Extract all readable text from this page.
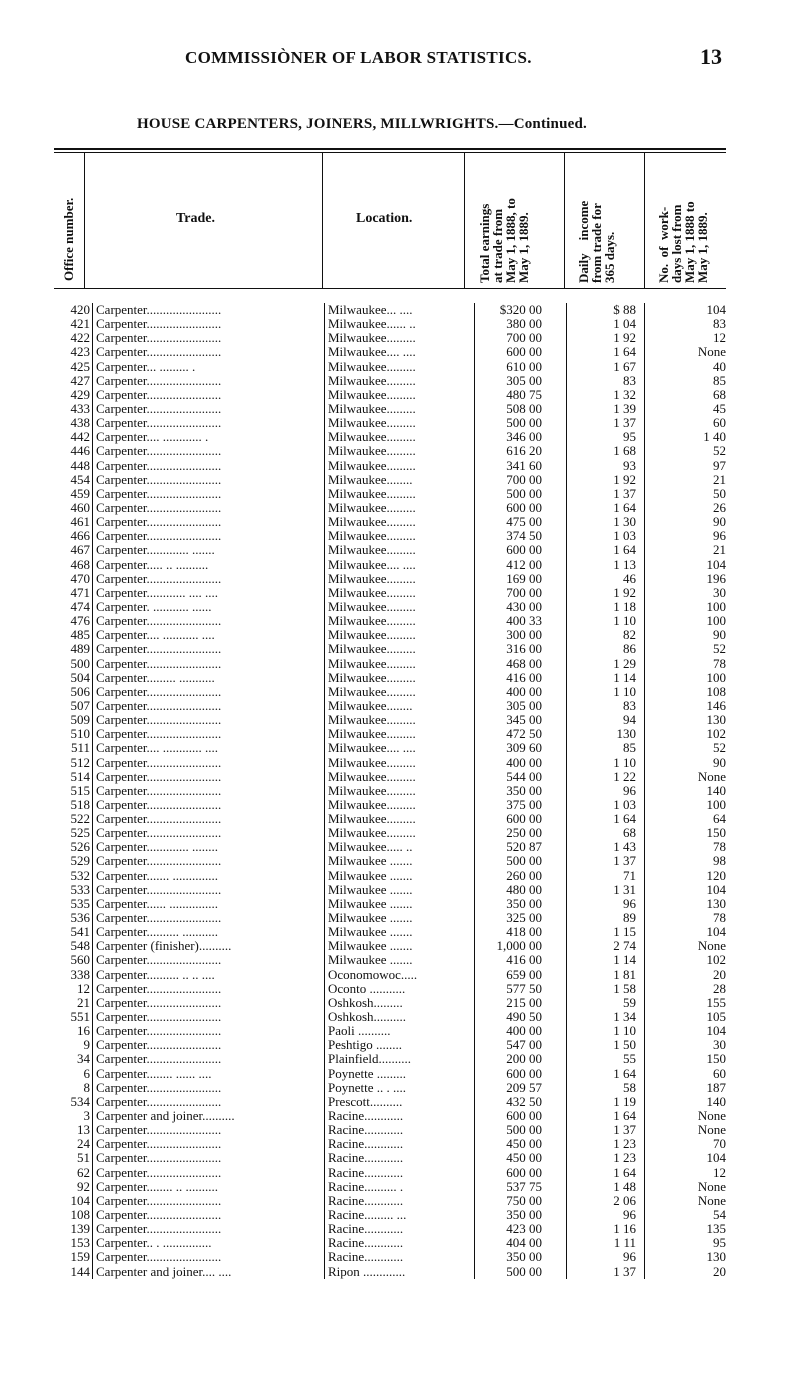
COMMISSIÒNER OF LABOR STATISTICS.	13
HOUSE CARPENTERS, JOINERS, MILLWRIGHTS.—Continued.
Office number.	Trade.	Location.
Total earnings
at trade from
May 1, 1888, to
May 1, 1889.
Daily    income
from trade for
365 days.
No.  of  work-
days lost from
May 1, 1888 to
May 1, 1889.
420 Carpenter.......................	Milwaukee... ....	$320 00	$ 88	104
421 Carpenter.......................	Milwaukee...... ..	380 00	1 04	83
422 Carpenter.......................	Milwaukee.........	700 00	1 92	12
423 Carpenter.......................	Milwaukee.... ....	600 00	1 64	None
425 Carpenter... ......... .	Milwaukee.........	610 00	1 67	40
427 Carpenter.......................	Milwaukee.........	305 00	83	85
429 Carpenter.......................	Milwaukee.........	480 75	1 32	68
433 Carpenter.......................	Milwaukee.........	508 00	1 39	45
438 Carpenter.......................	Milwaukee.........	500 00	1 37	60
442 Carpenter.... ............ .	Milwaukee.........	346 00	95	1 40
446 Carpenter.......................	Milwaukee.........	616 20	1 68	52
448 Carpenter.......................	Milwaukee.........	341 60	93	97
454 Carpenter.......................	Milwaukee........	700 00	1 92	21
459 Carpenter.......................	Milwaukee.........	500 00	1 37	50
460 Carpenter.......................	Milwaukee.........	600 00	1 64	26
461 Carpenter.......................	Milwaukee.........	475 00	1 30	90
466 Carpenter.......................	Milwaukee.........	374 50	1 03	96
467 Carpenter............. .......	Milwaukee.........	600 00	1 64	21
468 Carpenter..... .. ..........	Milwaukee.... ....	412 00	1 13	104
470 Carpenter.......................	Milwaukee.........	169 00	46	196
471 Carpenter............ .... ....	Milwaukee.........	700 00	1 92	30
474 Carpenter. ........... ......	Milwaukee.........	430 00	1 18	100
476 Carpenter.......................	Milwaukee.........	400 33	1 10	100
485 Carpenter.... ........... ....	Milwaukee.........	300 00	82	90
489 Carpenter.......................	Milwaukee.........	316 00	86	52
500 Carpenter.......................	Milwaukee.........	468 00	1 29	78
504 Carpenter......... ...........	Milwaukee.........	416 00	1 14	100
506 Carpenter.......................	Milwaukee.........	400 00	1 10	108
507 Carpenter.......................	Milwaukee........	305 00	83	146
509 Carpenter.......................	Milwaukee.........	345 00	94	130
510 Carpenter.......................	Milwaukee.........	472 50	130	102
511 Carpenter.... ............ ....	Milwaukee.... ....	309 60	85	52
512 Carpenter.......................	Milwaukee.........	400 00	1 10	90
514 Carpenter.......................	Milwaukee.........	544 00	1 22	None
515 Carpenter.......................	Milwaukee.........	350 00	96	140
518 Carpenter.......................	Milwaukee.........	375 00	1 03	100
522 Carpenter.......................	Milwaukee.........	600 00	1 64	64
525 Carpenter.......................	Milwaukee.........	250 00	68	150
526 Carpenter............. ........	Milwaukee..... ..	520 87	1 43	78
529 Carpenter.......................	Milwaukee .......	500 00	1 37	98
532 Carpenter....... ..............	Milwaukee .......	260 00	71	120
533 Carpenter.......................	Milwaukee .......	480 00	1 31	104
535 Carpenter...... ...............	Milwaukee .......	350 00	96	130
536 Carpenter.......................	Milwaukee .......	325 00	89	78
541 Carpenter.......... ...........	Milwaukee .......	418 00	1 15	104
548 Carpenter (finisher)..........	Milwaukee .......	1,000 00	2 74	None
560 Carpenter.......................	Milwaukee .......	416 00	1 14	102
338 Carpenter.......... .. .. ....	Oconomowoc.....	659 00	1 81	20
12 Carpenter.......................	Oconto ...........	577 50	1 58	28
21 Carpenter.......................	Oshkosh.........	215 00	59	155
551 Carpenter.......................	Oshkosh..........	490 50	1 34	105
16 Carpenter.......................	Paoli ..........	400 00	1 10	104
9 Carpenter.......................	Peshtigo ........	547 00	1 50	30
34 Carpenter.......................	Plainfield..........	200 00	55	150
6 Carpenter........ ...... ....	Poynette .........	600 00	1 64	60
8 Carpenter.......................	Poynette .. . ....	209 57	58	187
534 Carpenter.......................	Prescott..........	432 50	1 19	140
3 Carpenter and joiner..........	Racine............	600 00	1 64	None
13 Carpenter.......................	Racine............	500 00	1 37	None
24 Carpenter.......................	Racine............	450 00	1 23	70
51 Carpenter.......................	Racine............	450 00	1 23	104
62 Carpenter.......................	Racine............	600 00	1 64	12
92 Carpenter........ .. ..........	Racine.......... .	537 75	1 48	None
104 Carpenter.......................	Racine............	750 00	2 06	None
108 Carpenter.......................	Racine......... ...	350 00	96	54
139 Carpenter.......................	Racine............	423 00	1 16	135
153 Carpenter.. . ...............	Racine............	404 00	1 11	95
159 Carpenter.......................	Racine............	350 00	96	130
144 Carpenter and joiner.... ....	Ripon .............	500 00	1 37	20
